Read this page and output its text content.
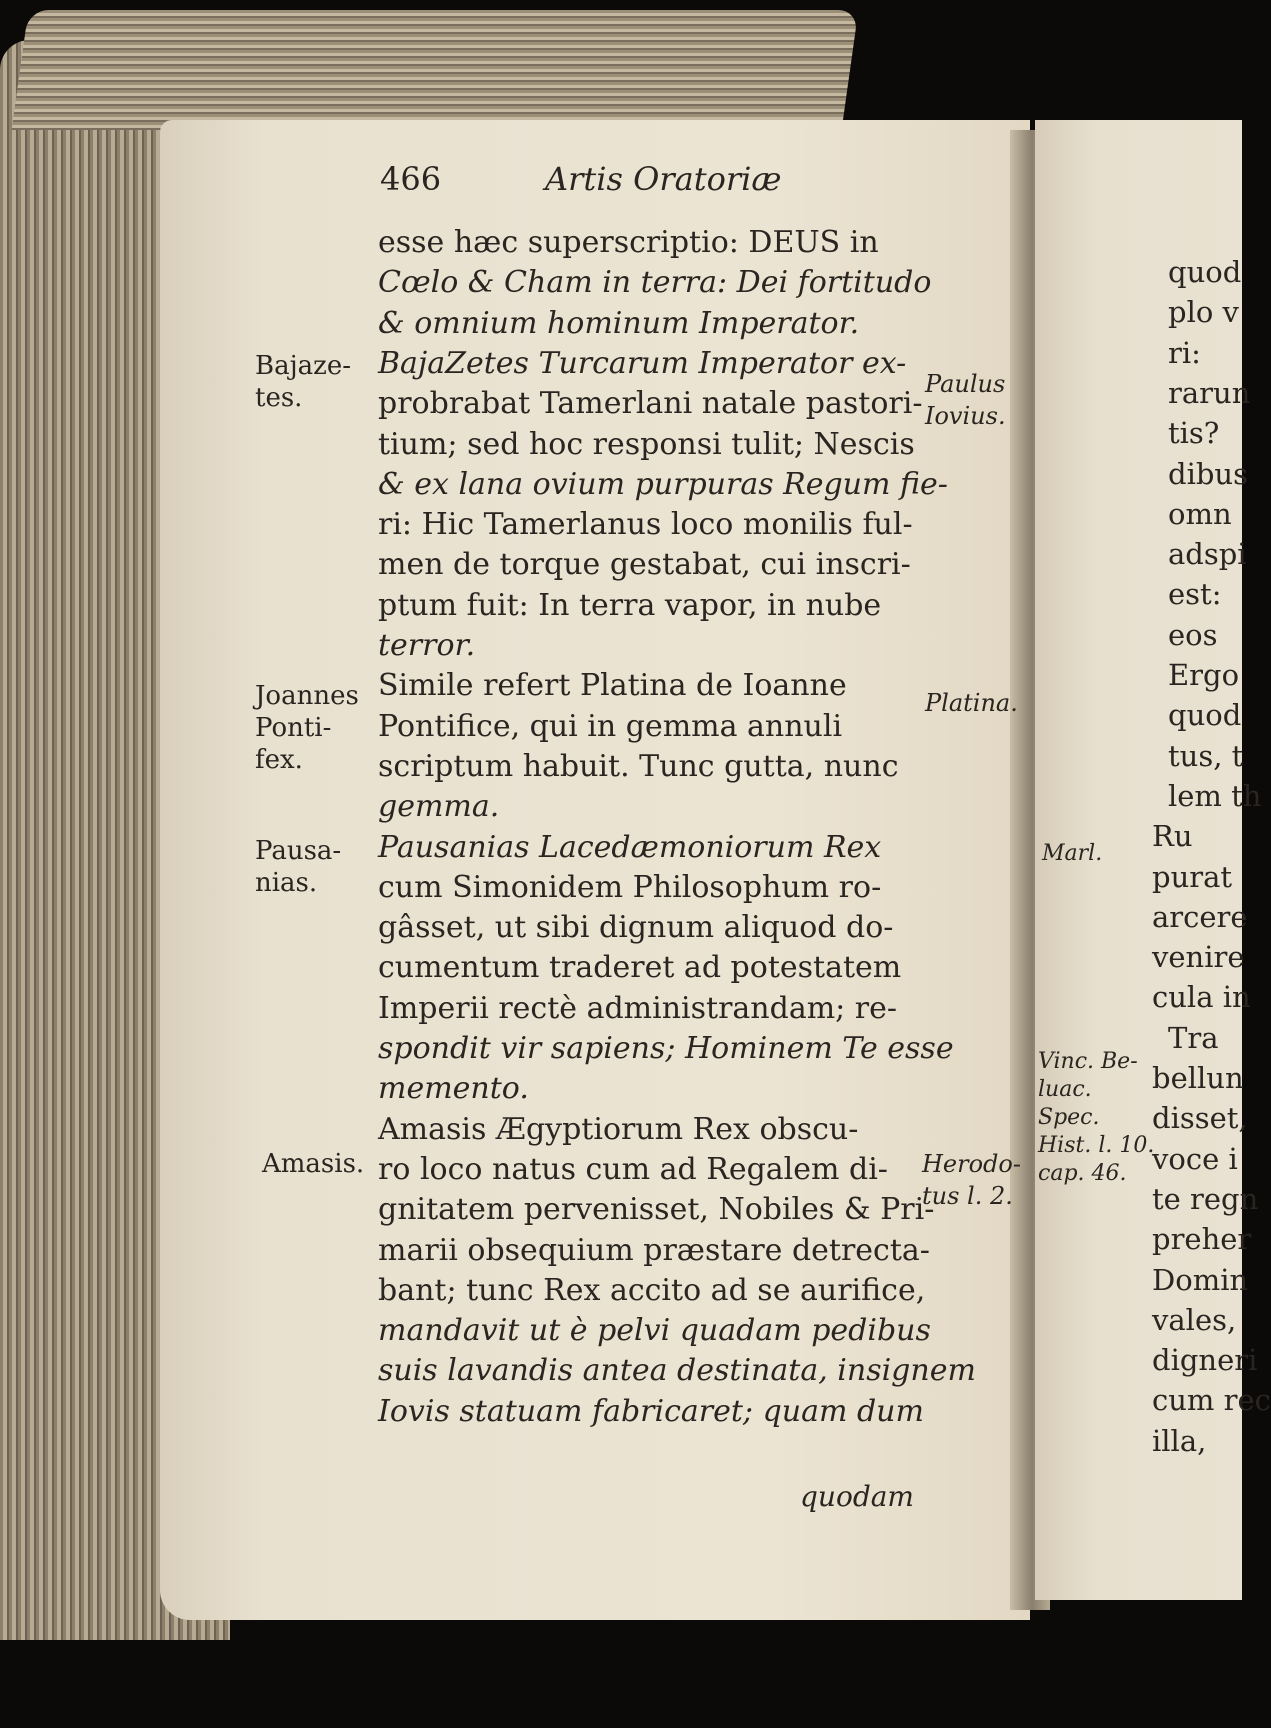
466	Artis Oratoriæ
esse hæc superscriptio: DEUS in
Cœlo & Cham in terra: Dei fortitudo
& omnium hominum Imperator.
BajaZetes Turcarum Imperator ex-
probrabat Tamerlani natale pastori-
tium; sed hoc responsi tulit; Nescis
& ex lana ovium purpuras Regum fie-
ri: Hic Tamerlanus loco monilis ful-
men de torque gestabat, cui inscri-
ptum fuit: In terra vapor, in nube
terror.
Simile refert Platina de Ioanne
Pontifice, qui in gemma annuli
scriptum habuit. Tunc gutta, nunc
gemma.
Pausanias Lacedæmoniorum Rex
cum Simonidem Philosophum ro-
gâsset, ut sibi dignum aliquod do-
cumentum traderet ad potestatem
Imperii rectè administrandam; re-
spondit vir sapiens; Hominem Te esse
memento.
Amasis Ægyptiorum Rex obscu-
ro loco natus cum ad Regalem di-
gnitatem pervenisset, Nobiles & Pri-
marii obsequium præstare detrecta-
bant; tunc Rex accito ad se aurifice,
mandavit ut è pelvi quadam pedibus
suis lavandis antea destinata, insignem
Iovis statuam fabricaret; quam dum
quodam
Bajaze-
tes.
Joannes
Ponti-
fex.
Pausa-
nias.
Amasis.
Paulus
Iovius.
Platina.
Herodo-
tus l. 2.
quod
plo v
ri:
rarun
tis?
dibus
omn
adspi
est:
eos
Ergo
quod
tus, t
lem th
Ru
purat
arcere
venire
cula in
Tra
bellun
disset,
voce i
te regn
preher
Domin
vales,
digneri
cum rec
illa,
Marl.
Vinc. Be-
luac.
Spec.
Hist. l. 10.
cap. 46.
